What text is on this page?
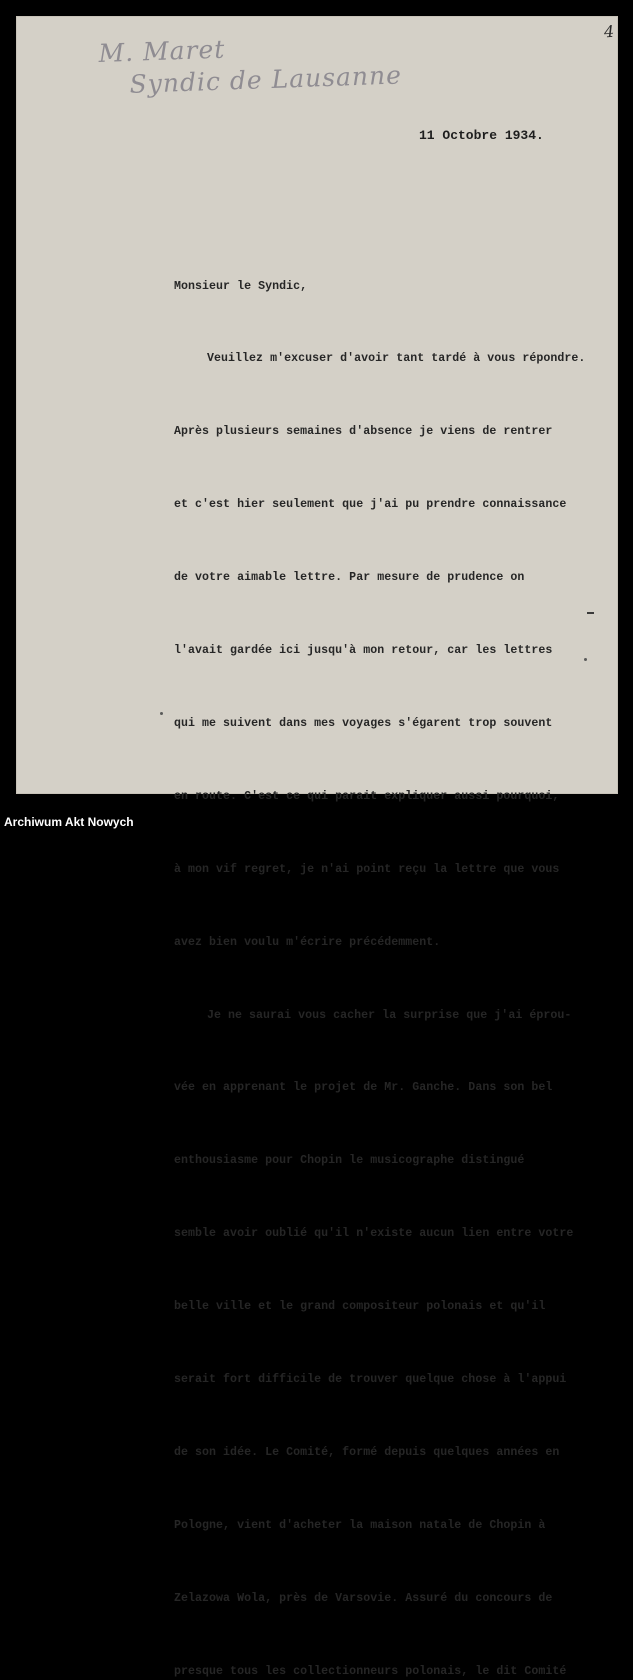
4
M. Maret
Syndic de Lausanne
11 Octobre 1934.

Monsieur le Syndic,

Veuillez m'excuser d'avoir tant tardé à vous répondre.

Après plusieurs semaines d'absence je viens de rentrer

et c'est hier seulement que j'ai pu prendre connaissance

de votre aimable lettre. Par mesure de prudence on

l'avait gardée ici jusqu'à mon retour, car les lettres

qui me suivent dans mes voyages s'égarent trop souvent

en route. C'est ce qui parait expliquer aussi pourquoi,

à mon vif regret, je n'ai point reçu la lettre que vous

avez bien voulu m'écrire précédemment.

Je ne saurai vous cacher la surprise que j'ai éprou-

vée en apprenant le projet de Mr. Ganche. Dans son bel

enthousiasme pour Chopin le musicographe distingué

semble avoir oublié qu'il n'existe aucun lien entre votre

belle ville et le grand compositeur polonais et qu'il

serait fort difficile de trouver quelque chose à l'appui

de son idée. Le Comité, formé depuis quelques années en

Pologne, vient d'acheter la maison natale de Chopin à

Zelazowa Wola, près de Varsovie. Assuré du concours de

presque tous les collectionneurs polonais, le dit Comité

Archiwum Akt Nowych
